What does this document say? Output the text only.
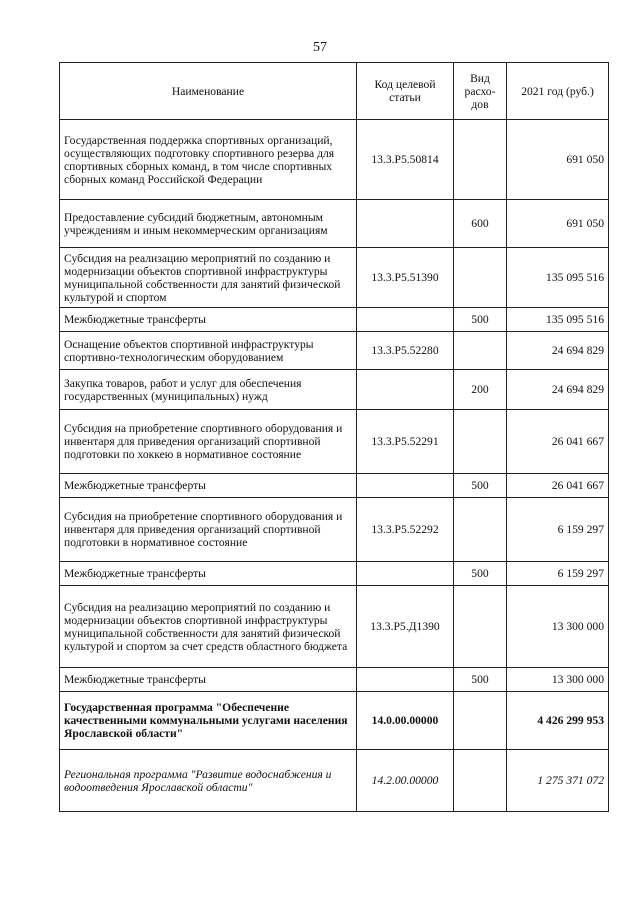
57
Наименование	Код целевой статьи	Вид расхо-дов	2021 год (руб.)
Государственная поддержка спортивных организаций, осуществляющих подготовку спортивного резерва для спортивных сборных команд, в том числе спортивных сборных команд Российской Федерации	13.3.Р5.50814		691 050
Предоставление субсидий бюджетным, автономным учреждениям и иным некоммерческим организациям		600	691 050
Субсидия на реализацию мероприятий по созданию и модернизации объектов спортивной инфраструктуры муниципальной собственности для занятий физической культурой и спортом	13.3.Р5.51390		135 095 516
Межбюджетные трансферты		500	135 095 516
Оснащение объектов спортивной инфраструктуры спортивно-технологическим оборудованием	13.3.Р5.52280		24 694 829
Закупка товаров, работ и услуг для обеспечения государственных (муниципальных) нужд		200	24 694 829
Субсидия на приобретение спортивного оборудования и инвентаря для приведения организаций спортивной подготовки по хоккею в нормативное состояние	13.3.Р5.52291		26 041 667
Межбюджетные трансферты		500	26 041 667
Субсидия на приобретение спортивного оборудования и инвентаря для приведения организаций спортивной подготовки в нормативное состояние	13.3.Р5.52292		6 159 297
Межбюджетные трансферты		500	6 159 297
Субсидия на реализацию мероприятий по созданию и модернизации объектов спортивной инфраструктуры муниципальной собственности для занятий физической культурой и спортом за счет средств областного бюджета	13.3.Р5.Д1390		13 300 000
Межбюджетные трансферты		500	13 300 000
Государственная программа "Обеспечение качественными коммунальными услугами населения Ярославской области"	14.0.00.00000		4 426 299 953
Региональная программа "Развитие водоснабжения и водоотведения Ярославской области"	14.2.00.00000		1 275 371 072
